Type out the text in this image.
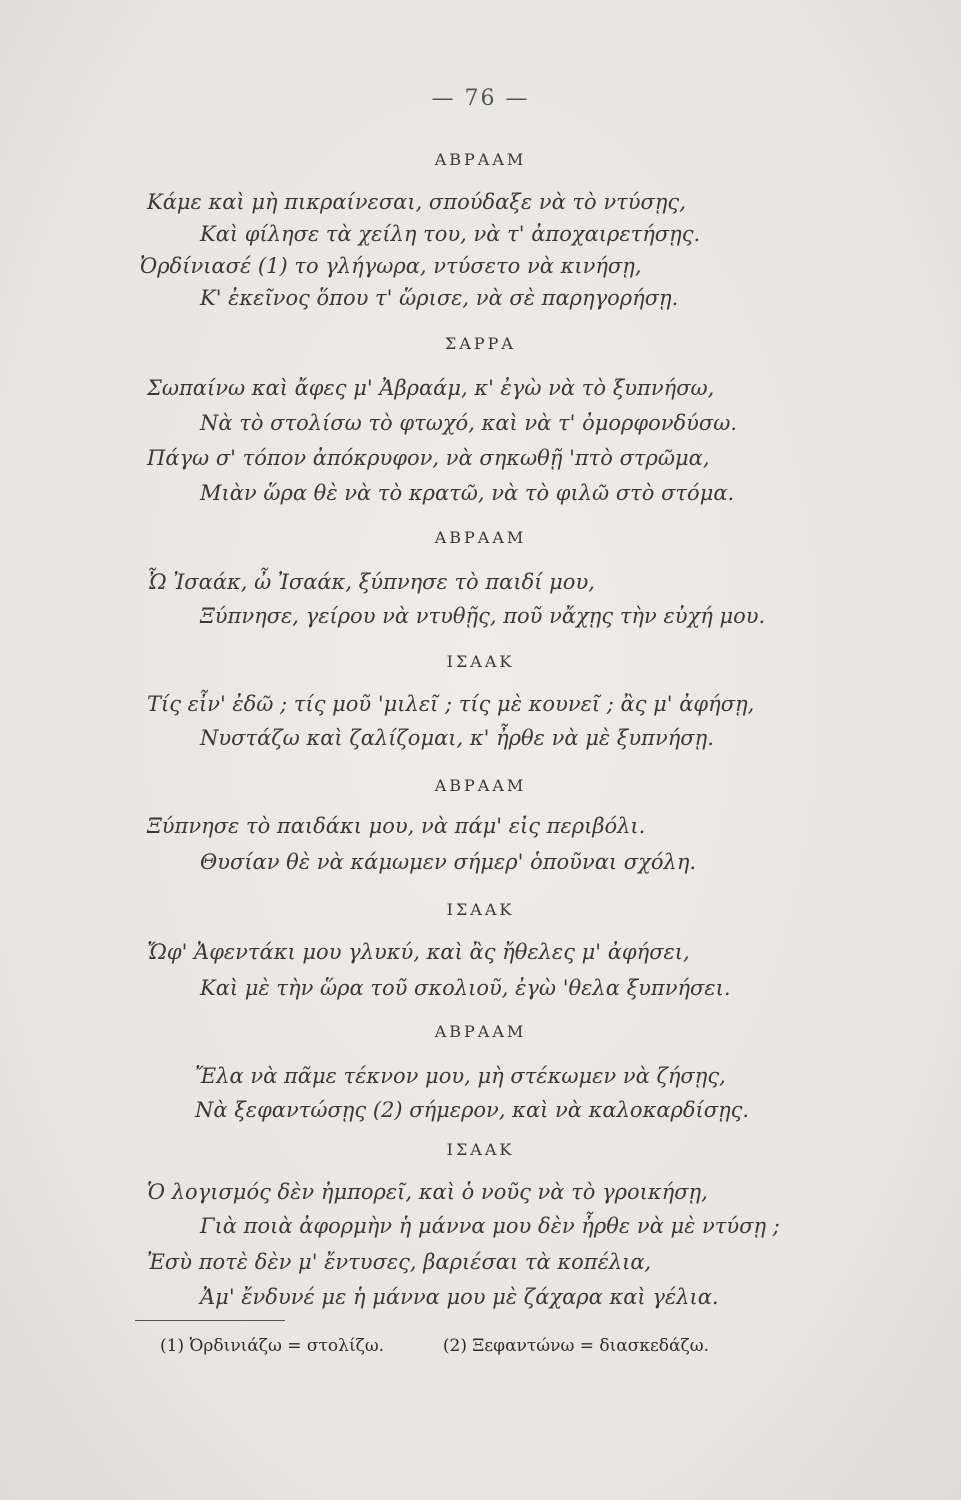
— 76 —
ΑΒΡΑΑΜ
Κάμε καὶ μὴ πικραίνεσαι, σπούδαξε νὰ τὸ ντύσῃς,
Καὶ φίλησε τὰ χείλη του, νὰ τ' ἀποχαιρετήσῃς.
Ὀρδίνιασέ (1) το γλήγωρα, ντύσετο νὰ κινήσῃ,
Κ' ἐκεῖνος ὅπου τ' ὥρισε, νὰ σὲ παρηγορήσῃ.
ΣΑΡΡΑ
Σωπαίνω καὶ ἄφες μ' Ἀβραάμ, κ' ἐγὼ νὰ τὸ ξυπνήσω,
Νὰ τὸ στολίσω τὸ φτωχό, καὶ νὰ τ' ὀμορφονδύσω.
Πάγω σ' τόπον ἀπόκρυφον, νὰ σηκωθῇ 'πτὸ στρῶμα,
Μιὰν ὥρα θὲ νὰ τὸ κρατῶ, νὰ τὸ φιλῶ στὸ στόμα.
ΑΒΡΑΑΜ
Ὦ Ἰσαάκ, ὦ Ἰσαάκ, ξύπνησε τὸ παιδί μου,
Ξύπνησε, γείρου νὰ ντυθῇς, ποῦ νἄχῃς τὴν εὐχή μου.
ΙΣΑΑΚ
Τίς εἶν' ἐδῶ ; τίς μοῦ 'μιλεῖ ; τίς μὲ κουνεῖ ; ἂς μ' ἀφήσῃ,
Νυστάζω καὶ ζαλίζομαι, κ' ἦρθε νὰ μὲ ξυπνήσῃ.
ΑΒΡΑΑΜ
Ξύπνησε τὸ παιδάκι μου, νὰ πάμ' εἰς περιβόλι.
Θυσίαν θὲ νὰ κάμωμεν σήμερ' ὁποῦναι σχόλη.
ΙΣΑΑΚ
Ὤφ' Ἀφεντάκι μου γλυκύ, καὶ ἂς ἤθελες μ' ἀφήσει,
Καὶ μὲ τὴν ὥρα τοῦ σκολιοῦ, ἐγὼ 'θελα ξυπνήσει.
ΑΒΡΑΑΜ
Ἔλα νὰ πᾶμε τέκνον μου, μὴ στέκωμεν νὰ ζήσῃς,
Νὰ ξεφαντώσῃς (2) σήμερον, καὶ νὰ καλοκαρδίσῃς.
ΙΣΑΑΚ
Ὁ λογισμός δὲν ἠμπορεῖ, καὶ ὁ νοῦς νὰ τὸ γροικήσῃ,
Γιὰ ποιὰ ἀφορμὴν ἡ μάννα μου δὲν ἦρθε νὰ μὲ ντύσῃ ;
Ἐσὺ ποτὲ δὲν μ' ἔντυσες, βαριέσαι τὰ κοπέλια,
Ἀμ' ἔνδυνέ με ἡ μάννα μου μὲ ζάχαρα καὶ γέλια.
(1) Ὀρδινιάζω = στολίζω.	(2) Ξεφαντώνω = διασκεδάζω.
